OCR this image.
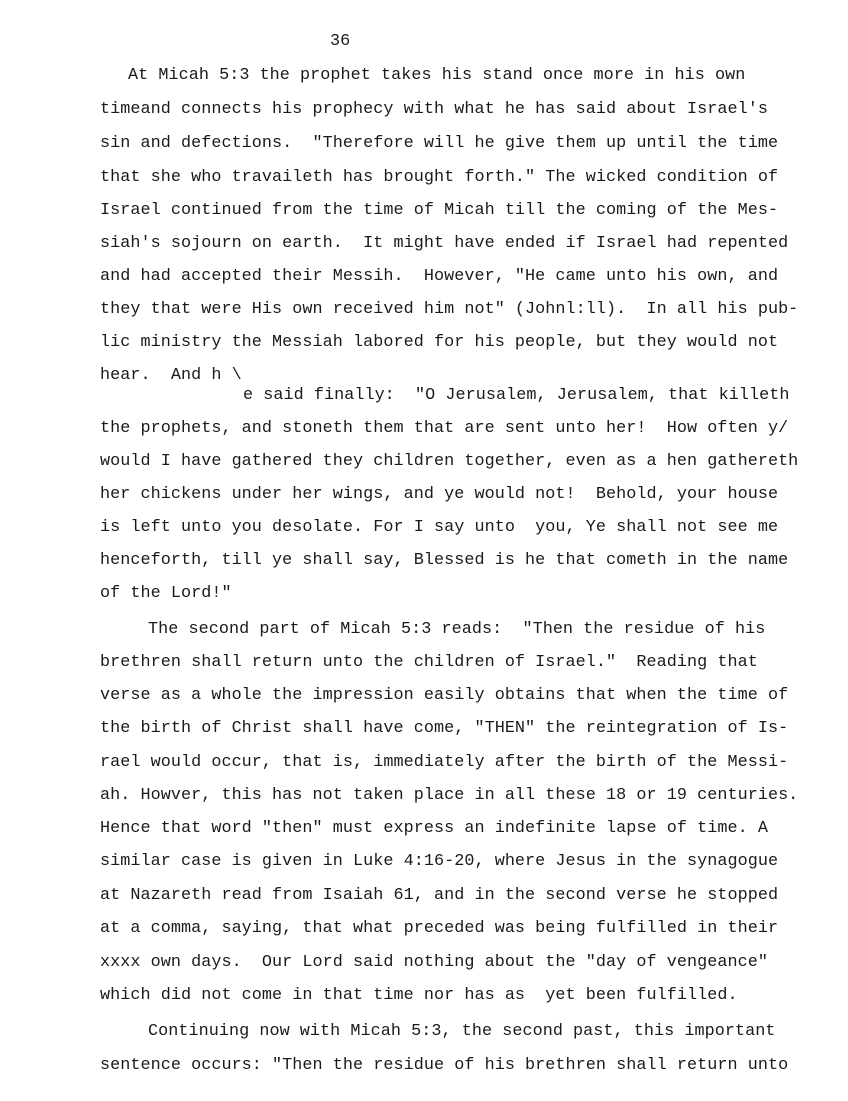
36
At Micah 5:3 the prophet takes his stand once more in his own
timeand connects his prophecy with what he has said about Israel's
sin and defections.  "Therefore will he give them up until the time
that she who travaileth has brought forth." The wicked condition of
Israel continued from the time of Micah till the coming of the Mes-
siah's sojourn on earth.  It might have ended if Israel had repented
and had accepted their Messih.  However, "He came unto his own, and
they that were His own received him not" (Johnl:ll).  In all his pub-
lic ministry the Messiah labored for his people, but they would not
hear.  And h \
e said finally:  "O Jerusalem, Jerusalem, that killeth
the prophets, and stoneth them that are sent unto her!  How often y/
would I have gathered they children together, even as a hen gathereth
her chickens under her wings, and ye would not!  Behold, your house
is left unto you desolate. For I say unto  you, Ye shall not see me
henceforth, till ye shall say, Blessed is he that cometh in the name
of the Lord!"
The second part of Micah 5:3 reads:  "Then the residue of his
brethren shall return unto the children of Israel."  Reading that
verse as a whole the impression easily obtains that when the time of
the birth of Christ shall have come, "THEN" the reintegration of Is-
rael would occur, that is, immediately after the birth of the Messi-
ah. Howver, this has not taken place in all these 18 or 19 centuries.
Hence that word "then" must express an indefinite lapse of time. A
similar case is given in Luke 4:16-20, where Jesus in the synagogue
at Nazareth read from Isaiah 61, and in the second verse he stopped
at a comma, saying, that what preceded was being fulfilled in their
xxxx own days.  Our Lord said nothing about the "day of vengeance"
which did not come in that time nor has as  yet been fulfilled.
Continuing now with Micah 5:3, the second past, this important
sentence occurs: "Then the residue of his brethren shall return unto
